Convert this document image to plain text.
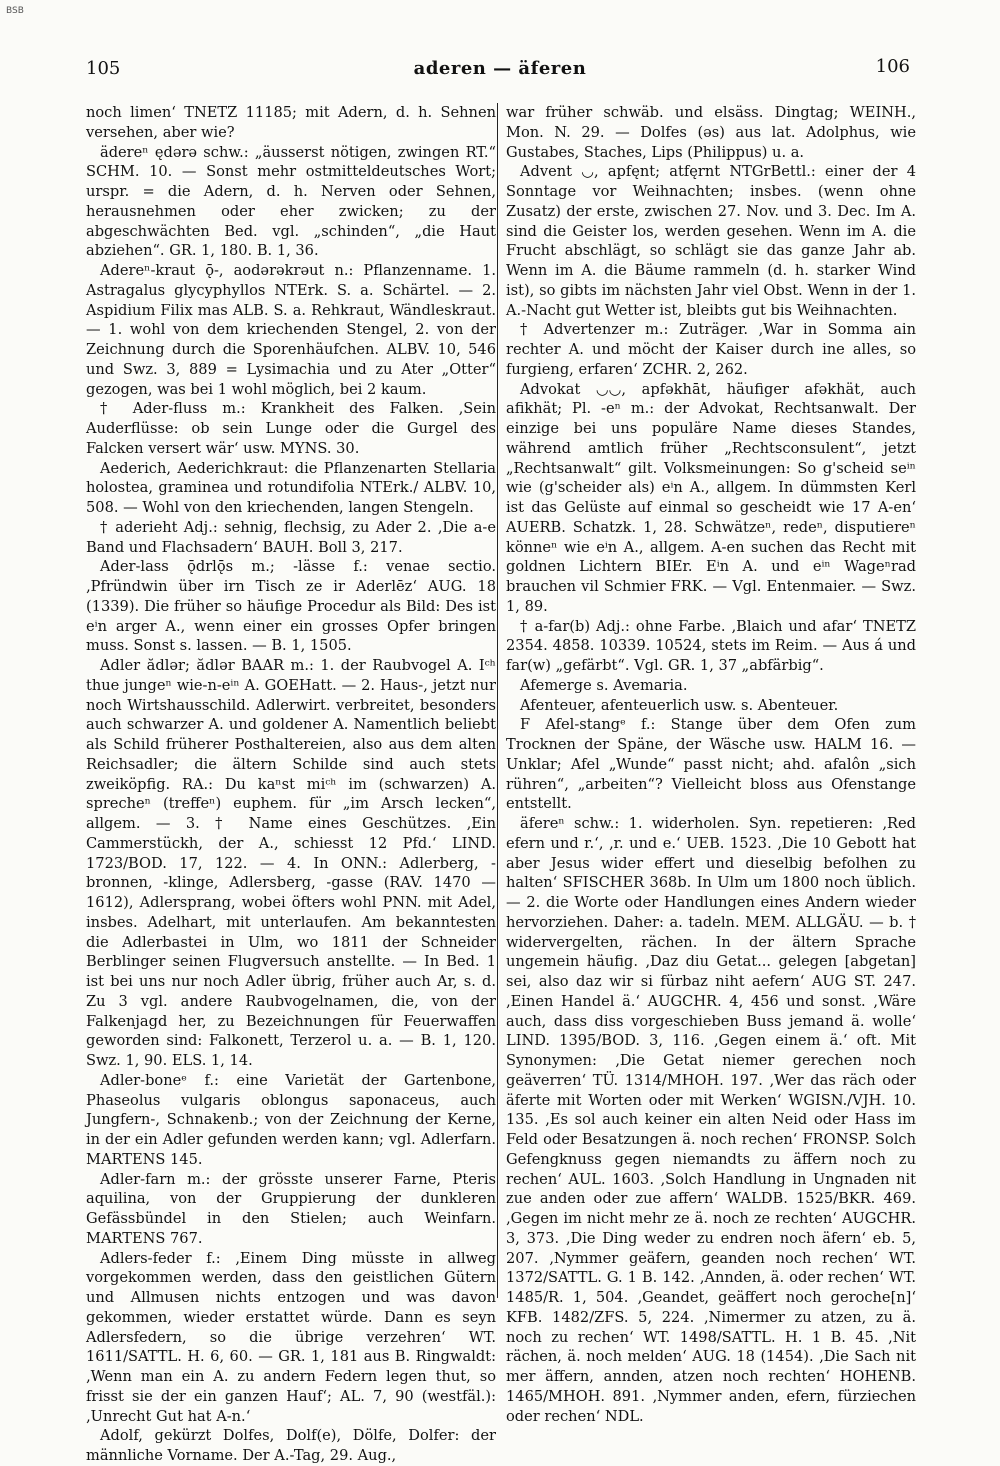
BSB
105	aderen — äferen	106

noch limen‘ TNETZ 11185; mit Adern, d. h. Sehnen versehen, aber wie?

ädereⁿ ędərə schw.: „äusserst nötigen, zwingen RT.“ SCHM. 10. — Sonst mehr ostmitteldeutsches Wort; urspr. = die Adern, d. h. Nerven oder Sehnen, herausnehmen oder eher zwicken; zu der abgeschwächten Bed. vgl. „schinden“, „die Haut abziehen“. GR. 1, 180. B. 1, 36.

Adereⁿ-kraut ǭ-, aodərəkrəut n.: Pflanzenname. 1. Astragalus glycyphyllos NTErk. S. a. Schärtel. — 2. Aspidium Filix mas ALB. S. a. Rehkraut, Wändleskraut. — 1. wohl von dem kriechenden Stengel, 2. von der Zeichnung durch die Sporenhäufchen. ALBV. 10, 546 und Swz. 3, 889 = Lysimachia und zu Ater „Otter“ gezogen, was bei 1 wohl möglich, bei 2 kaum.

† Ader-fluss m.: Krankheit des Falken. ‚Sein Auderflüsse: ob sein Lunge oder die Gurgel des Falcken versert wär‘ usw. MYNS. 30.

Aederich, Aederichkraut: die Pflanzenarten Stellaria holostea, graminea und rotundifolia NTErk./ ALBV. 10, 508. — Wohl von den kriechenden, langen Stengeln.

† aderieht Adj.: sehnig, flechsig, zu Ader 2. ‚Die a-e Band und Flachsadern‘ BAUH. Boll 3, 217.

Ader-lass ǭdrlǭs m.; -lässe f.: venae sectio. ‚Pfründwin über irn Tisch ze ir Aderlēz‘ AUG. 18 (1339). Die früher so häufige Procedur als Bild: Des ist eⁱn arger A., wenn einer ein grosses Opfer bringen muss. Sonst s. lassen. — B. 1, 1505.

Adler ădlər; ădlər BAAR m.: 1. der Raubvogel A. Iᶜʰ thue jungeⁿ wie-n-eⁱⁿ A. GOEHatt. — 2. Haus-, jetzt nur noch Wirtshausschild. Adlerwirt. verbreitet, besonders auch schwarzer A. und goldener A. Namentlich beliebt als Schild früherer Posthaltereien, also aus dem alten Reichsadler; die ältern Schilde sind auch stets zweiköpfig. RA.: Du kaⁿst miᶜʰ im (schwarzen) A. sprecheⁿ (treffeⁿ) euphem. für „im Arsch lecken“, allgem. — 3. † Name eines Geschützes. ‚Ein Cammerstückh, der A., schiesst 12 Pfd.‘ LIND. 1723/BOD. 17, 122. — 4. In ONN.: Adlerberg, -bronnen, -klinge, Adlersberg, -gasse (RAV. 1470 —1612), Adlersprang, wobei öfters wohl PNN. mit Adel, insbes. Adelhart, mit unterlaufen. Am bekanntesten die Adlerbastei in Ulm, wo 1811 der Schneider Berblinger seinen Flugversuch anstellte. — In Bed. 1 ist bei uns nur noch Adler übrig, früher auch Ar, s. d. Zu 3 vgl. andere Raubvogelnamen, die, von der Falkenjagd her, zu Bezeichnungen für Feuerwaffen geworden sind: Falkonett, Terzerol u. a. — B. 1, 120. Swz. 1, 90. ELS. 1, 14.

Adler-boneᵉ f.: eine Varietät der Gartenbone, Phaseolus vulgaris oblongus saponaceus, auch Jungfern-, Schnakenb.; von der Zeichnung der Kerne, in der ein Adler gefunden werden kann; vgl. Adlerfarn. MARTENS 145.

Adler-farn m.: der grösste unserer Farne, Pteris aquilina, von der Gruppierung der dunkleren Gefässbündel in den Stielen; auch Weinfarn. MARTENS 767.

Adlers-feder f.: ‚Einem Ding müsste in allweg vorgekommen werden, dass den geistlichen Gütern und Allmusen nichts entzogen und was davon gekommen, wieder erstattet würde. Dann es seyn Adlersfedern, so die übrige verzehren‘ WT. 1611/SATTL. H. 6, 60. — GR. 1, 181 aus B. Ringwaldt: ‚Wenn man ein A. zu andern Federn legen thut, so frisst sie der ein ganzen Hauf‘; AL. 7, 90 (westfäl.): ‚Unrecht Gut hat A-n.‘

Adolf, gekürzt Dolfes, Dolf(e), Dölfe, Dolfer: der männliche Vorname. Der A.-Tag, 29. Aug.,

war früher schwäb. und elsäss. Dingtag; WEINH., Mon. N. 29. — Dolfes (əs) aus lat. Adolphus, wie Gustabes, Staches, Lips (Philippus) u. a.

Advent ◡, apfęnt; atfęrnt NTGrBettl.: einer der 4 Sonntage vor Weihnachten; insbes. (wenn ohne Zusatz) der erste, zwischen 27. Nov. und 3. Dec. Im A. sind die Geister los, werden gesehen. Wenn im A. die Frucht abschlägt, so schlägt sie das ganze Jahr ab. Wenn im A. die Bäume rammeln (d. h. starker Wind ist), so gibts im nächsten Jahr viel Obst. Wenn in der 1. A.-Nacht gut Wetter ist, bleibts gut bis Weihnachten.

† Advertenzer m.: Zuträger. ‚War in Somma ain rechter A. und möcht der Kaiser durch ine alles, so furgieng, erfaren‘ ZCHR. 2, 262.

Advokat ◡◡, apfəkhāt, häufiger afəkhät, auch afikhät; Pl. -eⁿ m.: der Advokat, Rechtsanwalt. Der einzige bei uns populäre Name dieses Standes, während amtlich früher „Rechtsconsulent“, jetzt „Rechtsanwalt“ gilt. Volksmeinungen: So g'scheid seⁱⁿ wie (g'scheider als) eⁱn A., allgem. In dümmsten Kerl ist das Gelüste auf einmal so gescheidt wie 17 A-en‘ AUERB. Schatzk. 1, 28. Schwätzeⁿ, redeⁿ, disputiereⁿ könneⁿ wie eⁱn A., allgem. A-en suchen das Recht mit goldnen Lichtern BIEr. Eⁱn A. und eⁱⁿ Wageⁿrad brauchen vil Schmier FRK. — Vgl. Entenmaier. — Swz. 1, 89.

† a-far(b) Adj.: ohne Farbe. ‚Blaich und afar‘ TNETZ 2354. 4858. 10339. 10524, stets im Reim. — Aus á und far(w) „gefärbt“. Vgl. GR. 1, 37 „abfärbig“.

Afemerge s. Avemaria.

Afenteuer, afenteuerlich usw. s. Abenteuer.

F Afel-stangᵉ f.: Stange über dem Ofen zum Trocknen der Späne, der Wäsche usw. HALM 16. — Unklar; Afel „Wunde“ passt nicht; ahd. afalôn „sich rühren“, „arbeiten“? Vielleicht bloss aus Ofenstange entstellt.

äfereⁿ schw.: 1. widerholen. Syn. repetieren: ‚Red efern und r.‘, ‚r. und e.‘ UEB. 1523. ‚Die 10 Gebott hat aber Jesus wider effert und dieselbig befolhen zu halten‘ SFISCHER 368b. In Ulm um 1800 noch üblich. — 2. die Worte oder Handlungen eines Andern wieder hervorziehen. Daher: a. tadeln. MEM. ALLGÄU. — b. † widervergelten, rächen. In der ältern Sprache ungemein häufig. ‚Daz diu Getat... gelegen [abgetan] sei, also daz wir si fürbaz niht aefern‘ AUG ST. 247. ‚Einen Handel ä.‘ AUGCHR. 4, 456 und sonst. ‚Wäre auch, dass diss vorgeschieben Buss jemand ä. wolle‘ LIND. 1395/BOD. 3, 116. ‚Gegen einem ä.‘ oft. Mit Synonymen: ‚Die Getat niemer gerechen noch geäverren‘ TÜ. 1314/MHOH. 197. ‚Wer das räch oder äferte mit Worten oder mit Werken‘ WGISN./VJH. 10. 135. ‚Es sol auch keiner ein alten Neid oder Hass im Feld oder Besatzungen ä. noch rechen‘ FRONSP. Solch Gefengknuss gegen niemandts zu äffern noch zu rechen‘ AUL. 1603. ‚Solch Handlung in Ungnaden nit zue anden oder zue affern‘ WALDB. 1525/BKR. 469. ‚Gegen im nicht mehr ze ä. noch ze rechten‘ AUGCHR. 3, 373. ‚Die Ding weder zu endren noch äfern‘ eb. 5, 207. ‚Nymmer geäfern, geanden noch rechen‘ WT. 1372/SATTL. G. 1 B. 142. ‚Annden, ä. oder rechen‘ WT. 1485/R. 1, 504. ‚Geandet, geäffert noch geroche[n]‘ KFB. 1482/ZFS. 5, 224. ‚Nimermer zu atzen, zu ä. noch zu rechen‘ WT. 1498/SATTL. H. 1 B. 45. ‚Nit rächen, ä. noch melden‘ AUG. 18 (1454). ‚Die Sach nit mer äffern, annden, atzen noch rechten‘ HOHENB. 1465/MHOH. 891. ‚Nymmer anden, efern, fürziechen oder rechen‘ NDL.
